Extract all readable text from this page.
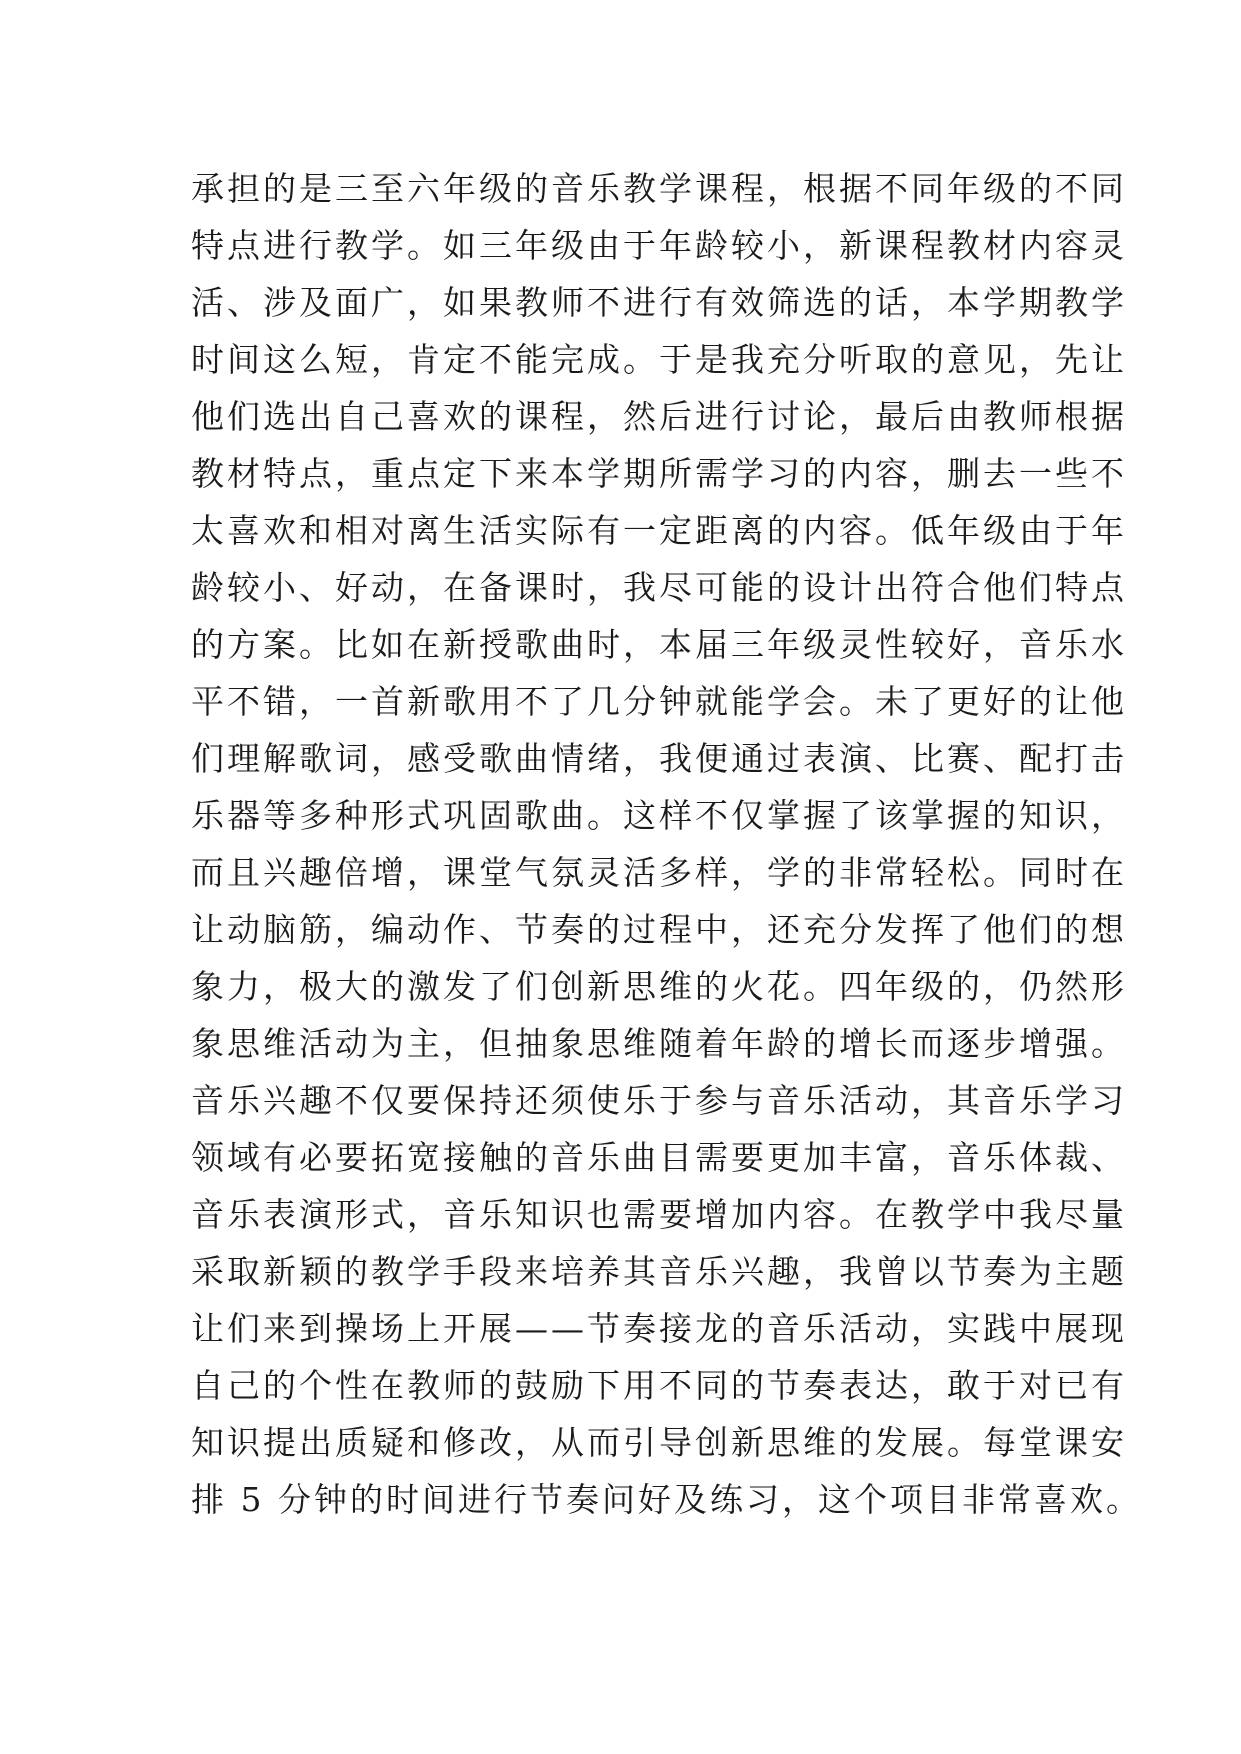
承担的是三至六年级的音乐教学课程，根据不同年级的不同
特点进行教学。如三年级由于年龄较小，新课程教材内容灵
活、涉及面广，如果教师不进行有效筛选的话，本学期教学
时间这么短，肯定不能完成。于是我充分听取的意见，先让
他们选出自己喜欢的课程，然后进行讨论，最后由教师根据
教材特点，重点定下来本学期所需学习的内容，删去一些不
太喜欢和相对离生活实际有一定距离的内容。低年级由于年
龄较小、好动，在备课时，我尽可能的设计出符合他们特点
的方案。比如在新授歌曲时，本届三年级灵性较好，音乐水
平不错，一首新歌用不了几分钟就能学会。未了更好的让他
们理解歌词，感受歌曲情绪，我便通过表演、比赛、配打击
乐器等多种形式巩固歌曲。这样不仅掌握了该掌握的知识，
而且兴趣倍增，课堂气氛灵活多样，学的非常轻松。同时在
让动脑筋，编动作、节奏的过程中，还充分发挥了他们的想
象力，极大的激发了们创新思维的火花。四年级的，仍然形
象思维活动为主，但抽象思维随着年龄的增长而逐步增强。
音乐兴趣不仅要保持还须使乐于参与音乐活动，其音乐学习
领域有必要拓宽接触的音乐曲目需要更加丰富，音乐体裁、
音乐表演形式，音乐知识也需要增加内容。在教学中我尽量
采取新颖的教学手段来培养其音乐兴趣，我曾以节奏为主题
让们来到操场上开展——节奏接龙的音乐活动，实践中展现
自己的个性在教师的鼓励下用不同的节奏表达，敢于对已有
知识提出质疑和修改，从而引导创新思维的发展。每堂课安
排 5 分钟的时间进行节奏问好及练习，这个项目非常喜欢。
